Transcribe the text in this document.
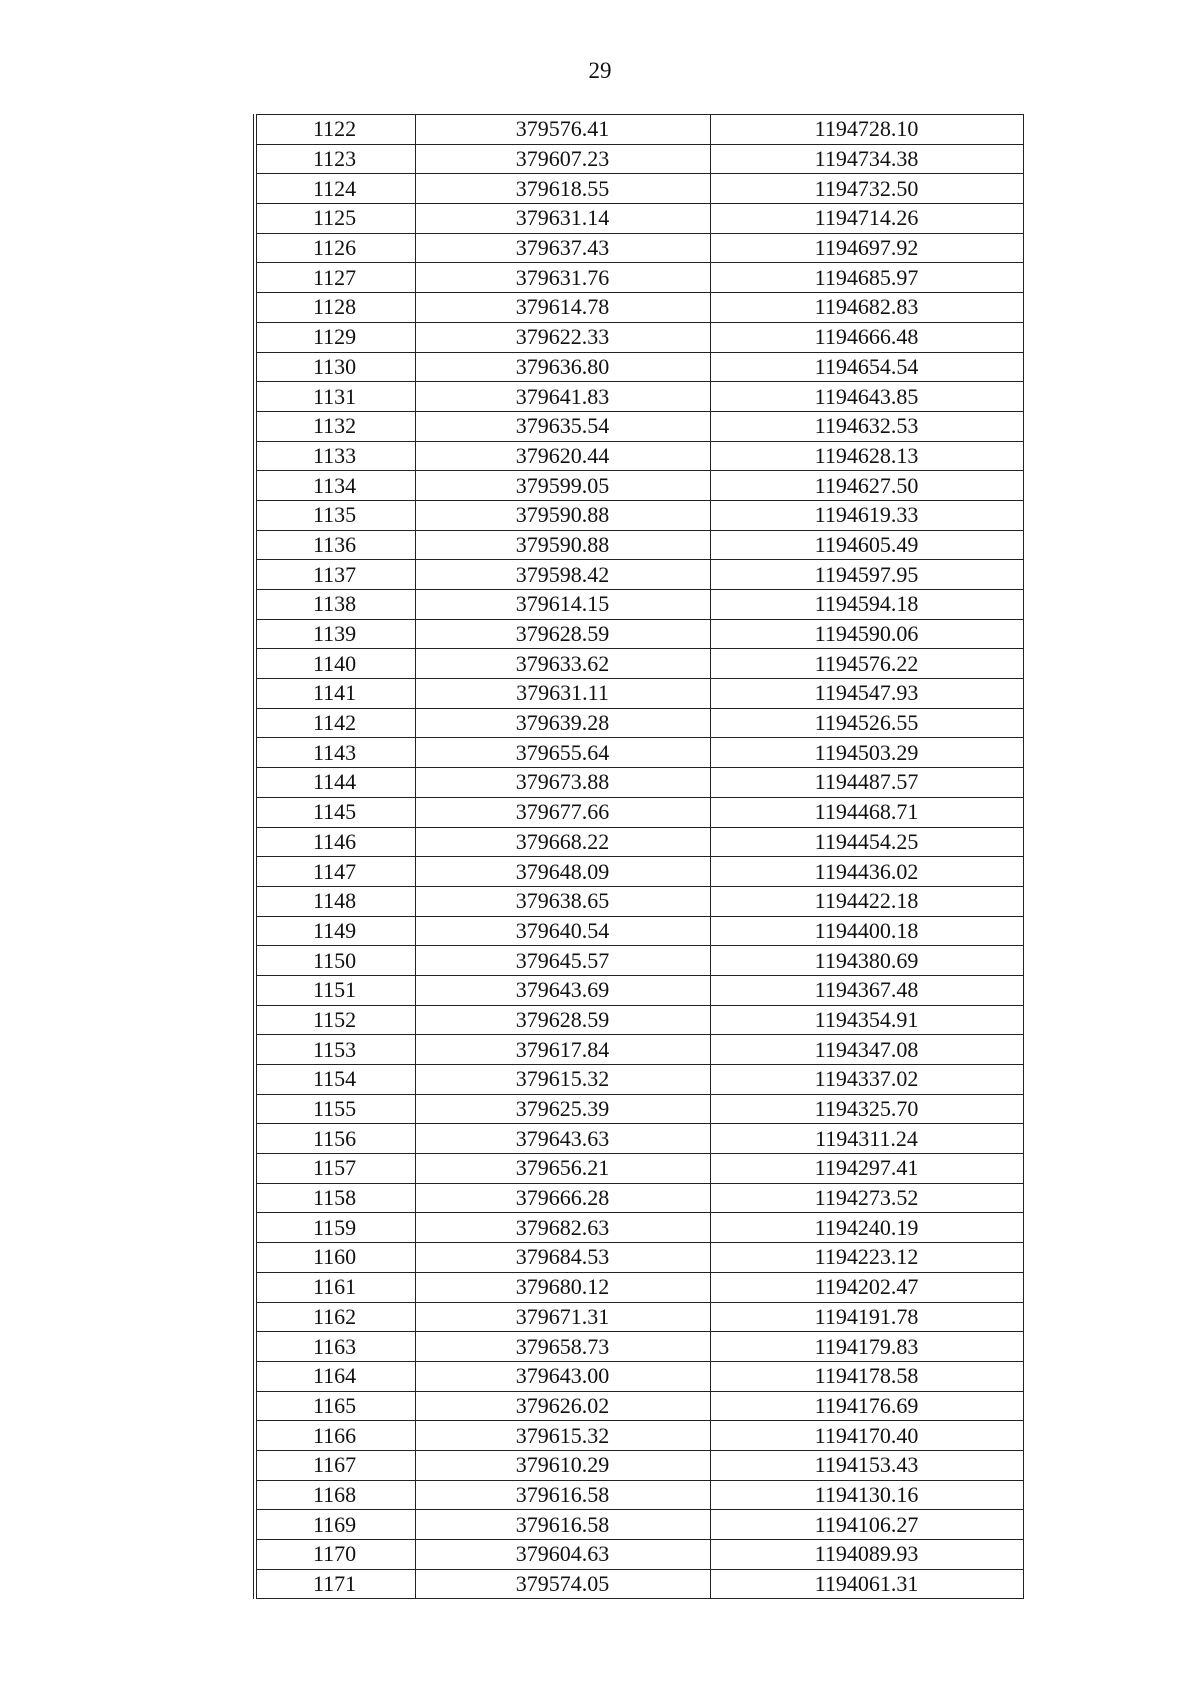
29
1122	379576.41	1194728.10
1123	379607.23	1194734.38
1124	379618.55	1194732.50
1125	379631.14	1194714.26
1126	379637.43	1194697.92
1127	379631.76	1194685.97
1128	379614.78	1194682.83
1129	379622.33	1194666.48
1130	379636.80	1194654.54
1131	379641.83	1194643.85
1132	379635.54	1194632.53
1133	379620.44	1194628.13
1134	379599.05	1194627.50
1135	379590.88	1194619.33
1136	379590.88	1194605.49
1137	379598.42	1194597.95
1138	379614.15	1194594.18
1139	379628.59	1194590.06
1140	379633.62	1194576.22
1141	379631.11	1194547.93
1142	379639.28	1194526.55
1143	379655.64	1194503.29
1144	379673.88	1194487.57
1145	379677.66	1194468.71
1146	379668.22	1194454.25
1147	379648.09	1194436.02
1148	379638.65	1194422.18
1149	379640.54	1194400.18
1150	379645.57	1194380.69
1151	379643.69	1194367.48
1152	379628.59	1194354.91
1153	379617.84	1194347.08
1154	379615.32	1194337.02
1155	379625.39	1194325.70
1156	379643.63	1194311.24
1157	379656.21	1194297.41
1158	379666.28	1194273.52
1159	379682.63	1194240.19
1160	379684.53	1194223.12
1161	379680.12	1194202.47
1162	379671.31	1194191.78
1163	379658.73	1194179.83
1164	379643.00	1194178.58
1165	379626.02	1194176.69
1166	379615.32	1194170.40
1167	379610.29	1194153.43
1168	379616.58	1194130.16
1169	379616.58	1194106.27
1170	379604.63	1194089.93
1171	379574.05	1194061.31
